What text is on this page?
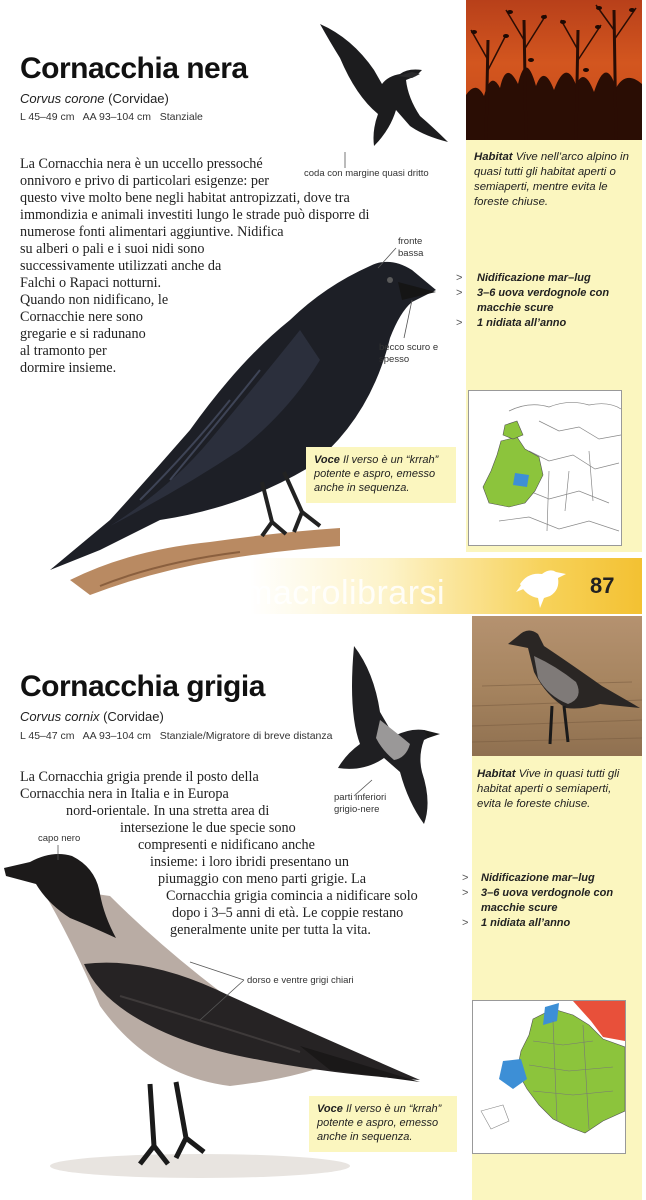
Cornacchia nera
Corvus corone (Corvidae)
L 45–49 cm   AA 93–104 cm   Stanziale
coda con margine quasi dritto
La Cornacchia nera è un uccello pressoché
onnivoro e privo di particolari esigenze: per
questo vive molto bene negli habitat antropizzati, dove tra
immondizia e animali investiti lungo le strade può disporre di
numerose fonti alimentari aggiuntive. Nidifica
su alberi o pali e i suoi nidi sono
successivamente utilizzati anche da
Falchi o Rapaci notturni.
Quando non nidificano, le
Cornacchie nere sono
gregarie e si radunano
al tramonto per
dormire insieme.
fronte
bassa
becco scuro e
spesso
Habitat Vive nell’arco alpino in quasi tutti gli habitat aperti o semiaperti, mentre evita le foreste chiuse.
>
>

>
Nidificazione mar–lug
3–6 uova verdognole con
macchie scure
1 nidiata all’anno
Voce Il verso è un “krrah” potente e aspro, emesso anche in sequenza.
87
macrolibrarsi
ALTERNATIVA NATURALE
Cornacchia grigia
Corvus cornix (Corvidae)
L 45–47 cm   AA 93–104 cm   Stanziale/Migratore di breve distanza
parti inferiori
grigio-nere
La Cornacchia grigia prende il posto della
Cornacchia nera in Italia e in Europa
nord-orientale. In una stretta area di
intersezione le due specie sono
compresenti e nidificano anche
insieme: i loro ibridi presentano un
piumaggio con meno parti grigie. La
Cornacchia grigia comincia a nidificare solo
dopo i 3–5 anni di età. Le coppie restano
generalmente unite per tutta la vita.
capo nero
dorso e ventre grigi chiari
Habitat Vive in quasi tutti gli habitat aperti o semiaperti, evita le foreste chiuse.
>
>

>
Nidificazione mar–lug
3–6 uova verdognole con
macchie scure
1 nidiata all’anno
Voce Il verso è un “krrah” potente e aspro, emesso anche in sequenza.
